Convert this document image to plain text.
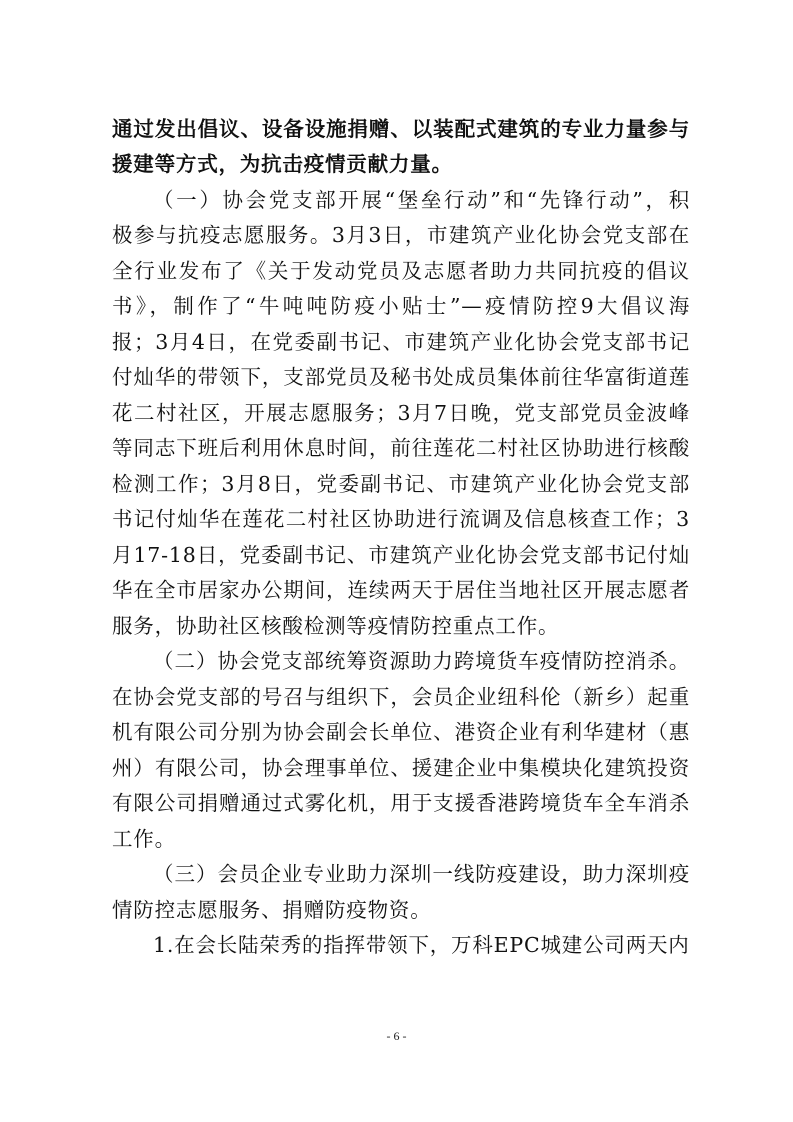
通过发出倡议、设备设施捐赠、以装配式建筑的专业力量参与
援建等方式，为抗击疫情贡献力量。
（一）协会党支部开展“堡垒行动”和“先锋行动”，积
极参与抗疫志愿服务。3月3日，市建筑产业化协会党支部在
全行业发布了《关于发动党员及志愿者助力共同抗疫的倡议
书》，制作了“牛吨吨防疫小贴士”—疫情防控9大倡议海
报；3月4日，在党委副书记、市建筑产业化协会党支部书记
付灿华的带领下，支部党员及秘书处成员集体前往华富街道莲
花二村社区，开展志愿服务；3月7日晚，党支部党员金波峰
等同志下班后利用休息时间，前往莲花二村社区协助进行核酸
检测工作；3月8日，党委副书记、市建筑产业化协会党支部
书记付灿华在莲花二村社区协助进行流调及信息核查工作；3
月17-18日，党委副书记、市建筑产业化协会党支部书记付灿
华在全市居家办公期间，连续两天于居住当地社区开展志愿者
服务，协助社区核酸检测等疫情防控重点工作。
（二）协会党支部统筹资源助力跨境货车疫情防控消杀。
在协会党支部的号召与组织下，会员企业纽科伦（新乡）起重
机有限公司分别为协会副会长单位、港资企业有利华建材（惠
州）有限公司，协会理事单位、援建企业中集模块化建筑投资
有限公司捐赠通过式雾化机，用于支援香港跨境货车全车消杀
工作。
（三）会员企业专业助力深圳一线防疫建设，助力深圳疫
情防控志愿服务、捐赠防疫物资。
1.在会长陆荣秀的指挥带领下，万科EPC城建公司两天内
- 6 -
